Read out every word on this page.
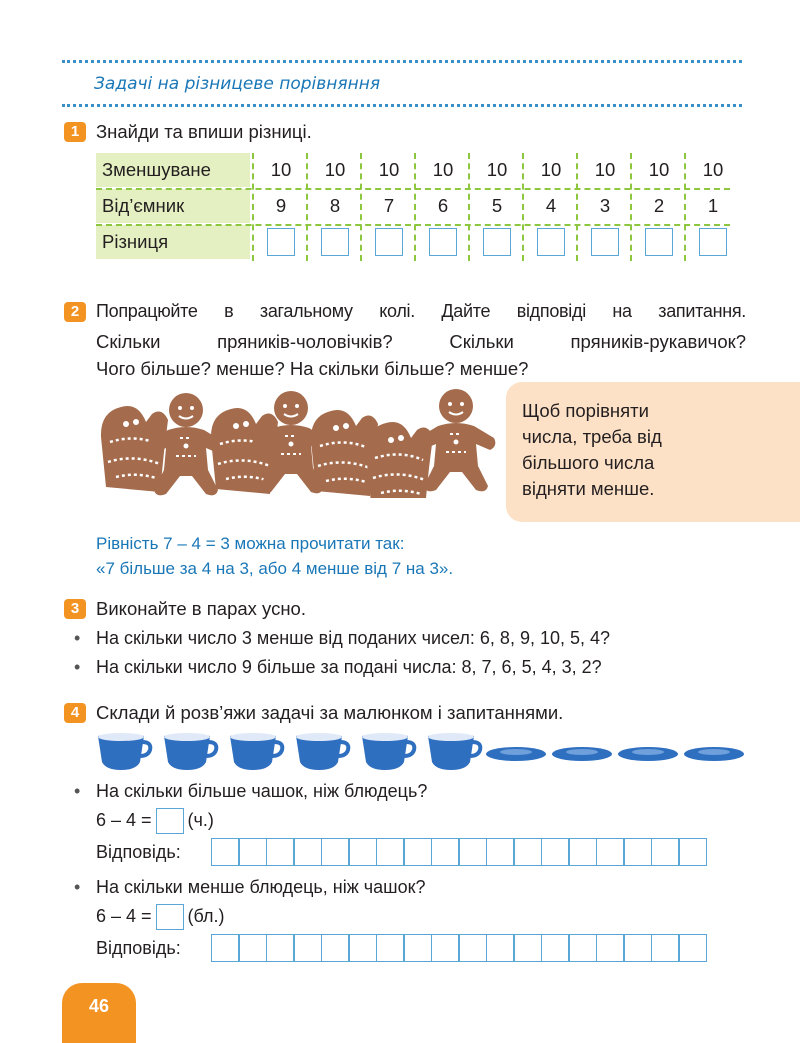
Задачі на різницеве порівняння
1 Знайди та впиши різниці.
Зменшуване
Від’ємник
Різниця
10
9
10
8
10
7
10
6
10
5
10
4
10
3
10
2
10
1
2 Попрацюйте в загальному колі. Дайте відповіді на запитання.
Скільки пряників-чоловічків? Скільки пряників-рукавичок?
Чого більше? менше? На скільки більше? менше?
Щоб порівняти
числа, треба від
більшого числа
відняти менше.
Рівність 7 – 4 = 3 можна прочитати так:
«7 більше за 4 на 3, або 4 менше від 7 на 3».
3 Виконайте в парах усно.
• На скільки число 3 менше від поданих чисел: 6, 8, 9, 10, 5, 4?
• На скільки число 9 більше за подані числа: 8, 7, 6, 5, 4, 3, 2?
4 Склади й розв’яжи задачі за малюнком і запитаннями.
• На скільки більше чашок, ніж блюдець?
6 – 4 = (ч.)
Відповідь:
• На скільки менше блюдець, ніж чашок?
6 – 4 = (бл.)
Відповідь:
46
